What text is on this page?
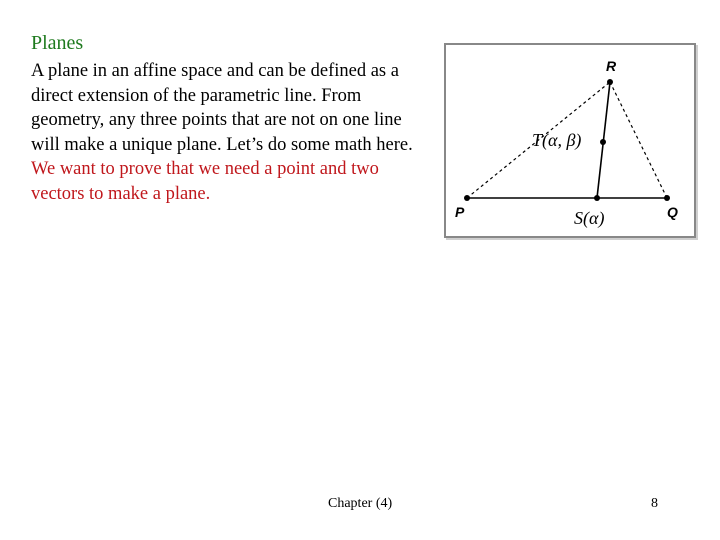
Planes

A plane in an affine space and can be defined as a direct extension of the parametric line. From geometry, any three points that are not on one line will make a unique plane. Let’s do some math here. We want to prove that we need a point and two vectors to make a plane.

R
P	Q
T(α, β)
S(α)
Chapter (4)	8
